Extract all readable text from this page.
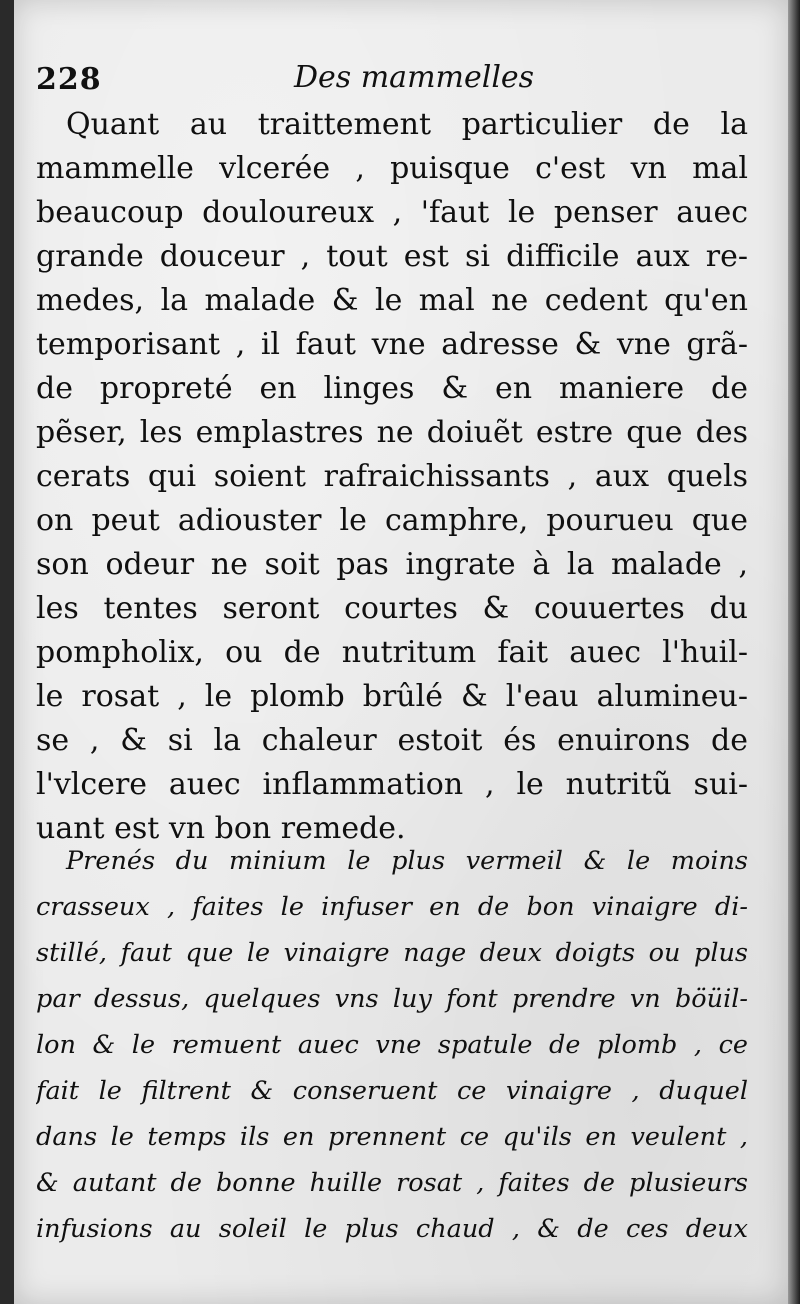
228	Des mammelles
Quant au traittement particulier de la
mammelle vlcerée , puisque c'est vn mal
beaucoup douloureux , 'faut le penser auec
grande douceur , tout est si difficile aux re-
medes, la malade & le mal ne cedent qu'en
temporisant , il faut vne adresse & vne grã-
de propreté en linges & en maniere de
pẽser, les emplastres ne doiuẽt estre que des
cerats qui soient rafraichissants , aux quels
on peut adiouster le camphre, pourueu que
son odeur ne soit pas ingrate à la malade ,
les tentes seront courtes & couuertes du
pompholix, ou de nutritum fait auec l'huil-
le rosat , le plomb brûlé & l'eau alumineu-
se , & si la chaleur estoit és enuirons de
l'vlcere auec inflammation , le nutritũ sui-
uant est vn bon remede.
Prenés du minium le plus vermeil & le moins
crasseux , faites le infuser en de bon vinaigre di-
stillé, faut que le vinaigre nage deux doigts ou plus
par dessus, quelques vns luy font prendre vn böüil-
lon & le remuent auec vne spatule de plomb , ce
fait le filtrent & conseruent ce vinaigre , duquel
dans le temps ils en prennent ce qu'ils en veulent ,
& autant de bonne huille rosat , faites de plusieurs
infusions au soleil le plus chaud , & de ces deux
